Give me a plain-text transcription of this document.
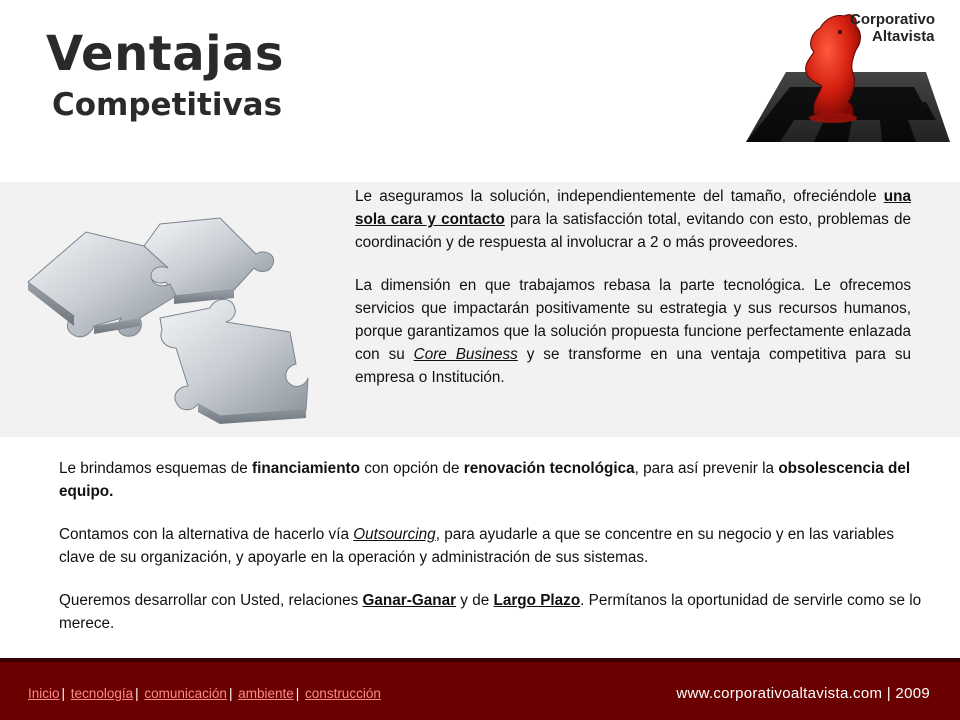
Ventajas
Competitivas
Corporativo
Altavista

Le aseguramos la solución, independientemente del tamaño, ofreciéndole una sola cara y contacto para la satisfacción total, evitando con esto, problemas de coordinación y de respuesta al involucrar a 2 o más proveedores.

La dimensión en que trabajamos rebasa la parte tecnológica. Le ofrecemos servicios que impactarán positivamente su estrategia y sus recursos humanos, porque garantizamos que la solución propuesta funcione perfectamente enlazada con su Core Business y se transforme en una ventaja competitiva para su empresa o Institución.

Le brindamos esquemas de financiamiento con opción de renovación tecnológica, para así prevenir la obsolescencia del equipo.

Contamos con la alternativa de hacerlo vía Outsourcing, para ayudarle a que se concentre en su negocio y en las variables clave de su organización, y apoyarle en la operación y administración de sus sistemas.

Queremos desarrollar con Usted, relaciones Ganar-Ganar y de Largo Plazo. Permítanos la oportunidad de servirle como se lo merece.

Inicio | tecnología | comunicación | ambiente | construcción	www.corporativoaltavista.com | 2009
